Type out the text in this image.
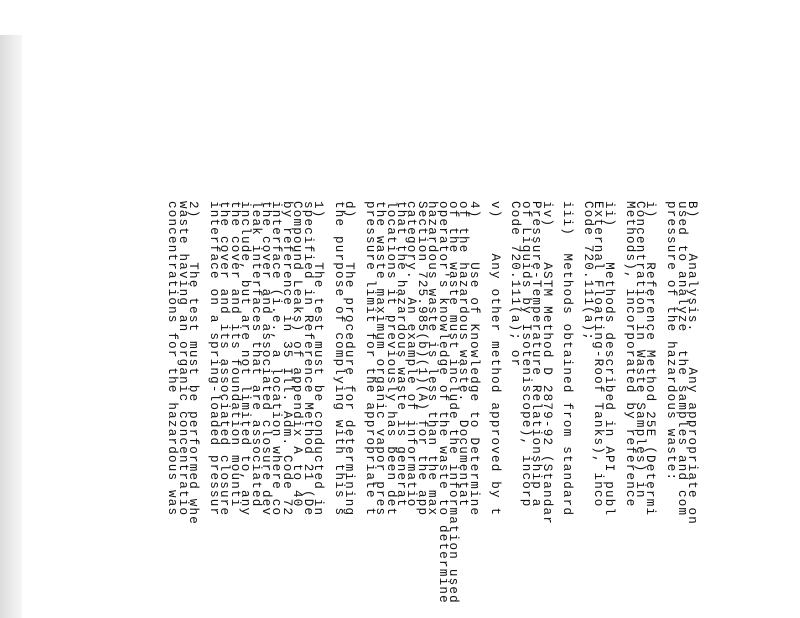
B)    Analysis.    Any appropriate on
used to analyze  the samples and com
pressure of the hazardous waste:
i)     Reference Method 25E (Determi
Concentration in Waste Samples) in
Methods), incorporated by reference
ii)    Methods described in API publ
External Floating-Roof Tanks), inco
Code 720.111(a);
iii)  Methods obtained from standard
iv)    ASTM Method D 2879-92 (Standar
Pressure-Temperature Relationship a
of Liquids by Isoteniscope), incorp
Code 720.111(a); or
v)    Any other method approved by t
4)     Use of Knowledge to Determine
of the hazardous waste.  Documentat
of the waste must include the information used
operator's knowledge of the waste to determine
hazardous waste is less than the max
Section 725.985(b)(1)(A) for the app
category.  An example of informatio
that the hazardous waste is generat
locations it previously has been det
the waste maximum organic vapor pres
pressure limit for the appropriate t
d)     The procedure for determining
the purpose of complying with this s
1)     The test must be conducted in
specified in Reference Method 21 (De
Compound Leaks) of appendix A to 40
by reference in 35 Ill. Adm. Code 72
interface (i.e., a location where co
the cover and associated closure dev
leak interfaces that are associated
include, but are not limited to, any
the cover and its foundation mounti
the cover and its associated closure
interface on a spring-loaded pressur
2)     The test must be performed whe
waste having an organic concentratio
concentrations for the hazardous was
